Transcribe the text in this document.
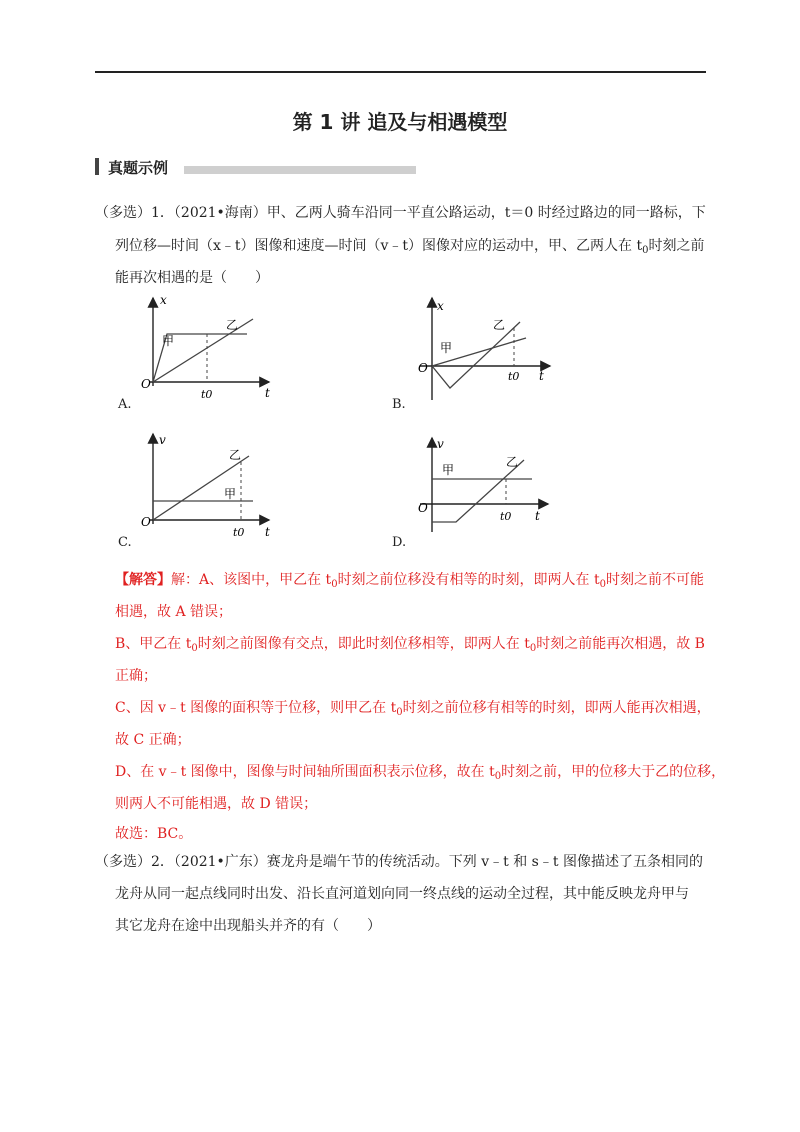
第 1 讲 追及与相遇模型
真题示例
（多选）1．（2021•海南）甲、乙两人骑车沿同一平直公路运动，t＝0 时经过路边的同一路标，下
列位移—时间（x﹣t）图像和速度—时间（v﹣t）图像对应的运动中，甲、乙两人在 $t_0$时刻之前
能再次相遇的是（　　）
x
t
O
t0
甲
乙
A.
x
t
O
t0
甲
乙
B.
v
t
O
t0
甲
乙
C.
v
t
O
t0
甲
乙
D.
【解答】解：A、该图中，甲乙在 $t_0$时刻之前位移没有相等的时刻，即两人在 $t_0$时刻之前不可能
相遇，故 A 错误；
B、甲乙在 $t_0$时刻之前图像有交点，即此时刻位移相等，即两人在 $t_0$时刻之前能再次相遇，故 B
正确；
C、因 v﹣t 图像的面积等于位移，则甲乙在 $t_0$时刻之前位移有相等的时刻，即两人能再次相遇，
故 C 正确；
D、在 v﹣t 图像中，图像与时间轴所围面积表示位移，故在 $t_0$时刻之前，甲的位移大于乙的位移，
则两人不可能相遇，故 D 错误；
故选：BC。
（多选）2．（2021•广东）赛龙舟是端午节的传统活动。下列 v﹣t 和 s﹣t 图像描述了五条相同的
龙舟从同一起点线同时出发、沿长直河道划向同一终点线的运动全过程，其中能反映龙舟甲与
其它龙舟在途中出现船头并齐的有（　　）
